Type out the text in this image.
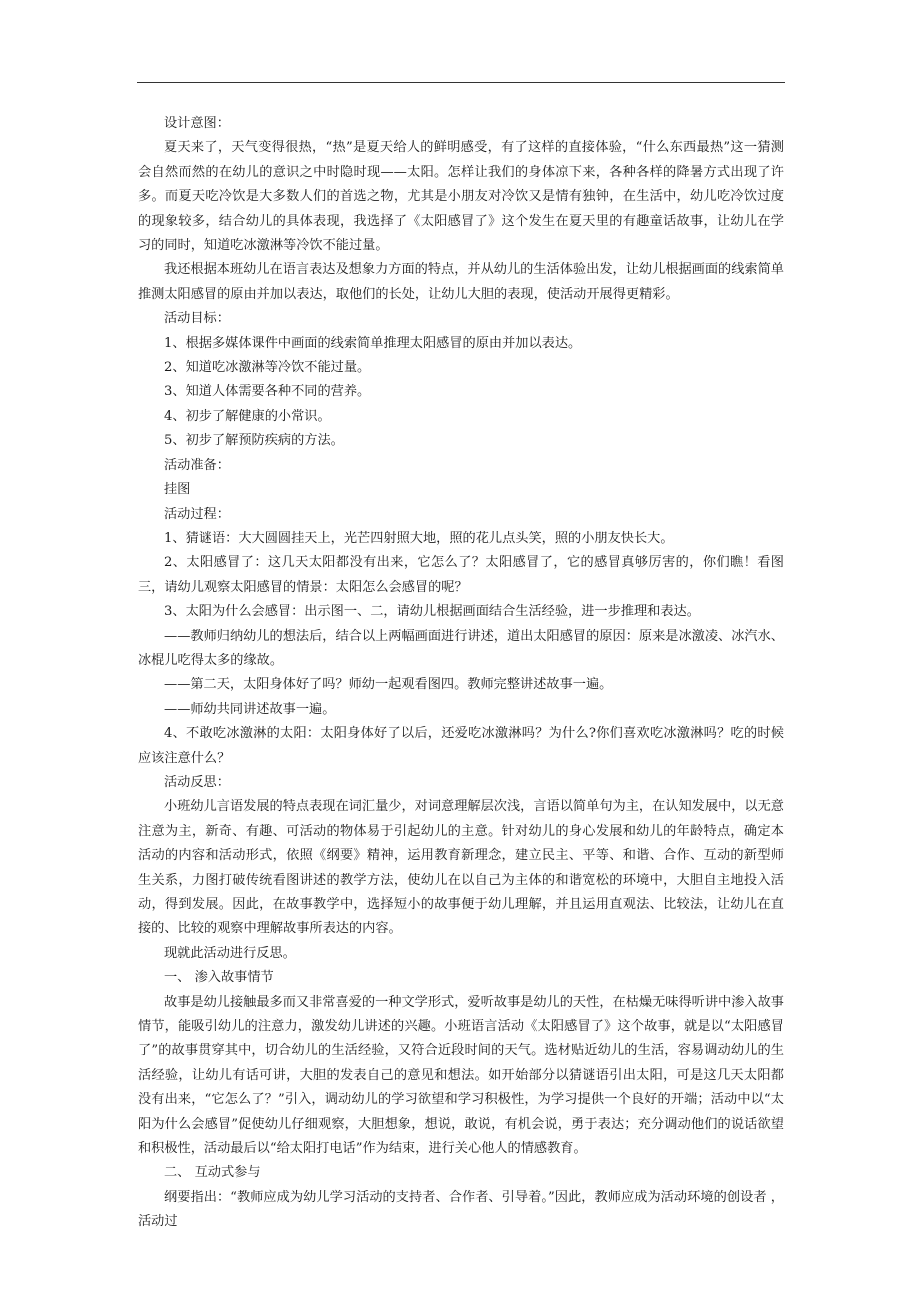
设计意图：

夏天来了，天气变得很热，“热”是夏天给人的鲜明感受，有了这样的直接体验，“什么东西最热”这一猜测会自然而然的在幼儿的意识之中时隐时现——太阳。怎样让我们的身体凉下来，各种各样的降暑方式出现了许多。而夏天吃冷饮是大多数人们的首选之物，尤其是小朋友对冷饮又是情有独钟，在生活中，幼儿吃冷饮过度的现象较多，结合幼儿的具体表现，我选择了《太阳感冒了》这个发生在夏天里的有趣童话故事，让幼儿在学习的同时，知道吃冰激淋等冷饮不能过量。

我还根据本班幼儿在语言表达及想象力方面的特点，并从幼儿的生活体验出发，让幼儿根据画面的线索简单推测太阳感冒的原由并加以表达，取他们的长处，让幼儿大胆的表现，使活动开展得更精彩。

活动目标：

1、根据多媒体课件中画面的线索简单推理太阳感冒的原由并加以表达。

2、知道吃冰激淋等冷饮不能过量。

3、知道人体需要各种不同的营养。

4、初步了解健康的小常识。

5、初步了解预防疾病的方法。

活动准备：

挂图

活动过程：

1、猜谜语：大大圆圆挂天上，光芒四射照大地，照的花儿点头笑，照的小朋友快长大。

2、太阳感冒了：这几天太阳都没有出来，它怎么了？太阳感冒了，它的感冒真够厉害的，你们瞧！看图三，请幼儿观察太阳感冒的情景：太阳怎么会感冒的呢？

3、太阳为什么会感冒：出示图一、二，请幼儿根据画面结合生活经验，进一步推理和表达。

——教师归纳幼儿的想法后，结合以上两幅画面进行讲述，道出太阳感冒的原因：原来是冰激凌、冰汽水、冰棍儿吃得太多的缘故。

——第二天，太阳身体好了吗？师幼一起观看图四。教师完整讲述故事一遍。

——师幼共同讲述故事一遍。

4、不敢吃冰激淋的太阳：太阳身体好了以后，还爱吃冰激淋吗？为什么?你们喜欢吃冰激淋吗？吃的时候应该注意什么？

活动反思：

小班幼儿言语发展的特点表现在词汇量少，对词意理解层次浅，言语以简单句为主，在认知发展中，以无意注意为主，新奇、有趣、可活动的物体易于引起幼儿的主意。针对幼儿的身心发展和幼儿的年龄特点，确定本活动的内容和活动形式，依照《纲要》精神，运用教育新理念，建立民主、平等、和谐、合作、互动的新型师生关系，力图打破传统看图讲述的教学方法，使幼儿在以自己为主体的和谐宽松的环境中，大胆自主地投入活动，得到发展。因此，在故事教学中，选择短小的故事便于幼儿理解，并且运用直观法、比较法，让幼儿在直接的、比较的观察中理解故事所表达的内容。

现就此活动进行反思。

一、 渗入故事情节

故事是幼儿接触最多而又非常喜爱的一种文学形式，爱听故事是幼儿的天性，在枯燥无味得听讲中渗入故事情节，能吸引幼儿的注意力，激发幼儿讲述的兴趣。小班语言活动《太阳感冒了》这个故事，就是以“太阳感冒了”的故事贯穿其中，切合幼儿的生活经验，又符合近段时间的天气。选材贴近幼儿的生活，容易调动幼儿的生活经验，让幼儿有话可讲，大胆的发表自己的意见和想法。如开始部分以猜谜语引出太阳，可是这几天太阳都没有出来，“它怎么了？”引入，调动幼儿的学习欲望和学习积极性，为学习提供一个良好的开端；活动中以“太阳为什么会感冒”促使幼儿仔细观察，大胆想象，想说，敢说，有机会说，勇于表达；充分调动他们的说话欲望和积极性，活动最后以“给太阳打电话”作为结束，进行关心他人的情感教育。

二、 互动式参与

纲要指出：“教师应成为幼儿学习活动的支持者、合作者、引导着。”因此，教师应成为活动环境的创设者 ，活动过
